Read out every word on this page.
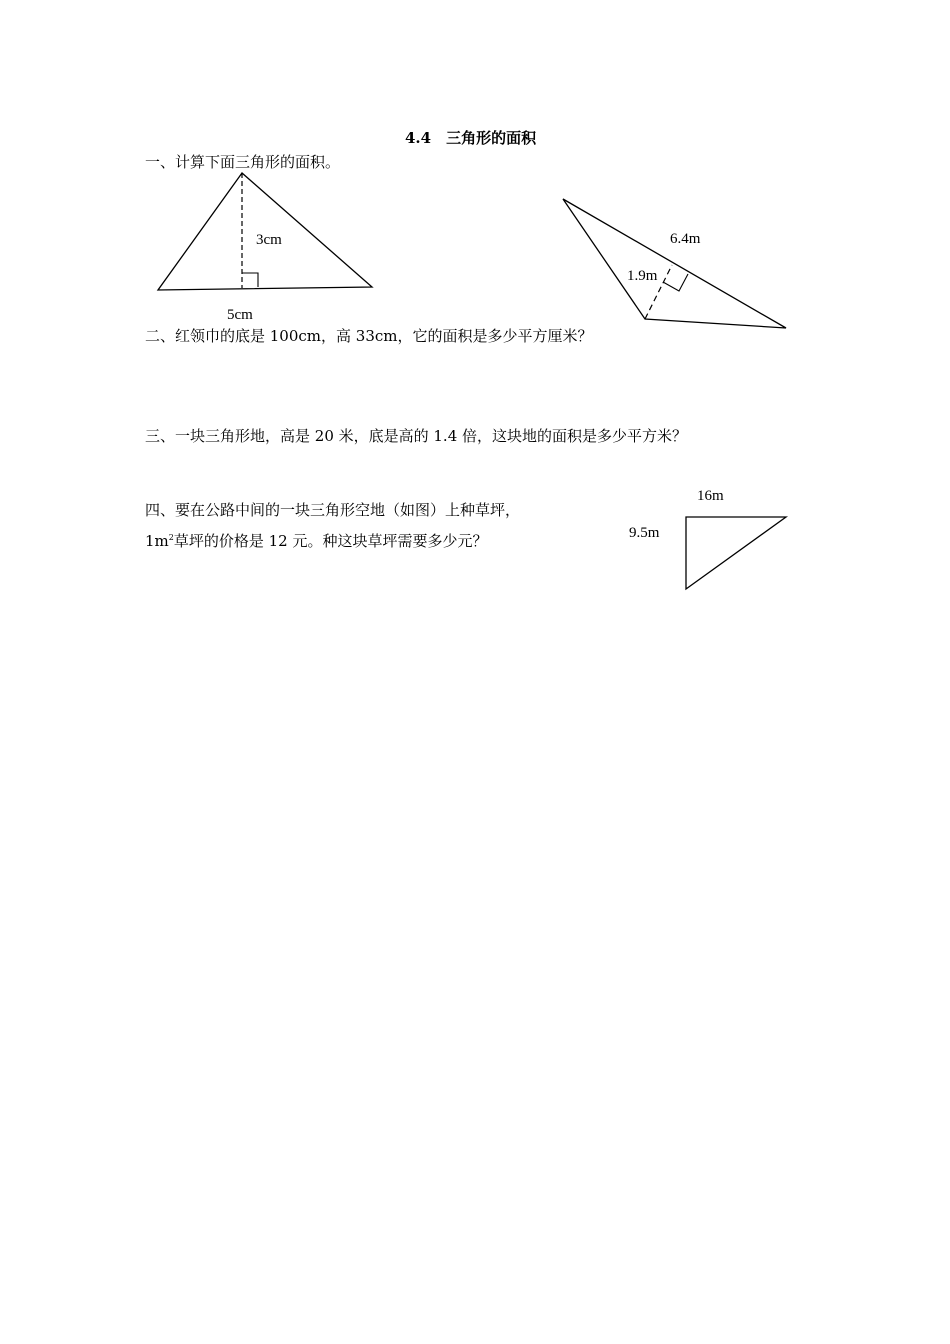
4.4　三角形的面积
一、计算下面三角形的面积。
3cm
5cm
6.4m
1.9m
二、红领巾的底是 100cm，高 33cm，它的面积是多少平方厘米？
三、一块三角形地，高是 20 米，底是高的 1.4 倍，这块地的面积是多少平方米？
四、要在公路中间的一块三角形空地（如图）上种草坪，
$1m^2$草坪的价格是 12 元。种这块草坪需要多少元？
16m
9.5m
